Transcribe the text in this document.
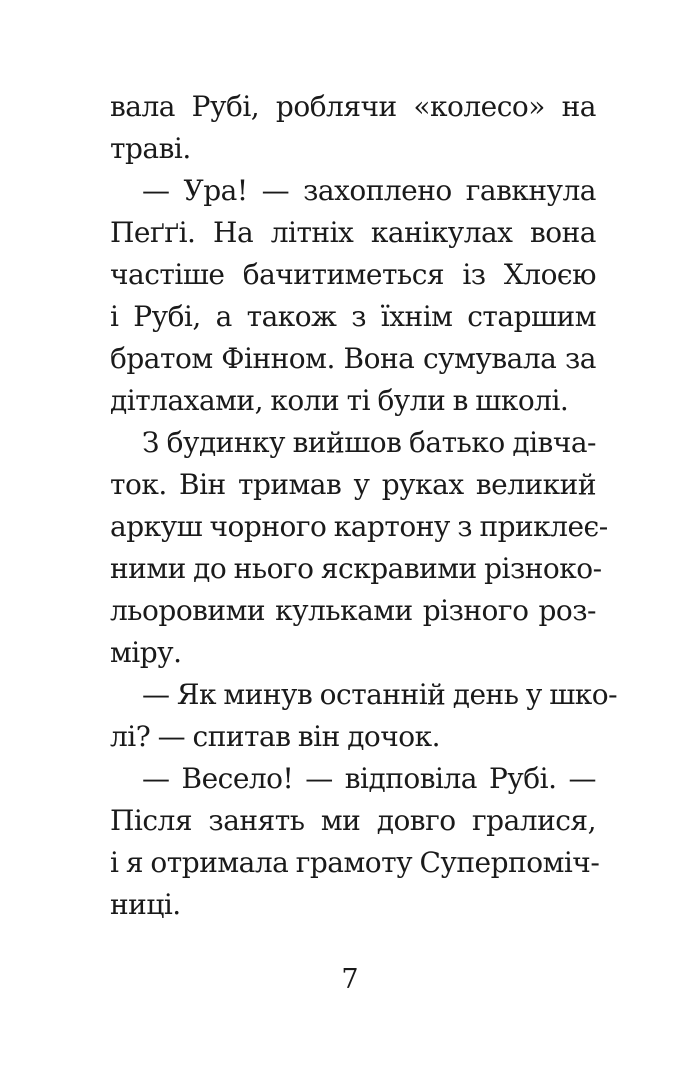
вала Рубі, роблячи «колесо» на
траві.

— Ура! — захоплено гавкнула
Пеґґі. На літніх канікулах вона
частіше бачитиметься із Хлоєю
і Рубі, а також з їхнім старшим
братом Фінном. Вона сумувала за
дітлахами, коли ті були в школі.

З будинку вийшов батько дівча-
ток. Він тримав у руках великий
аркуш чорного картону з приклеє-
ними до нього яскравими різноко-
льоровими кульками різного роз-
міру.

— Як минув останній день у шко-
лі? — спитав він дочок.

— Весело! — відповіла Рубі. —
Після занять ми довго гралися,
і я отримала грамоту Суперпоміч-
ниці.

7
